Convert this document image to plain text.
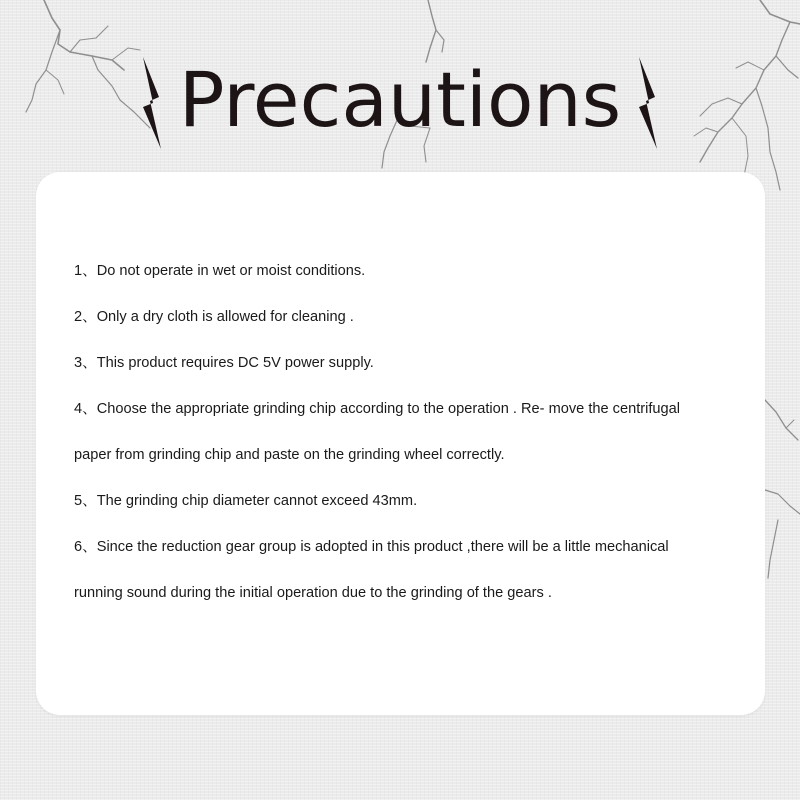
Precautions
1、Do not operate in wet or moist conditions.
2、Only a dry cloth is allowed for cleaning .
3、This product requires DC 5V power supply.
4、Choose the appropriate grinding chip according to the operation . Re- move the centrifugal
paper from grinding chip and paste on the grinding wheel correctly.
5、The grinding chip diameter cannot exceed 43mm.
6、Since the reduction gear group is adopted in this product ,there will be a little mechanical
running sound during the initial operation due to the grinding of the gears .
